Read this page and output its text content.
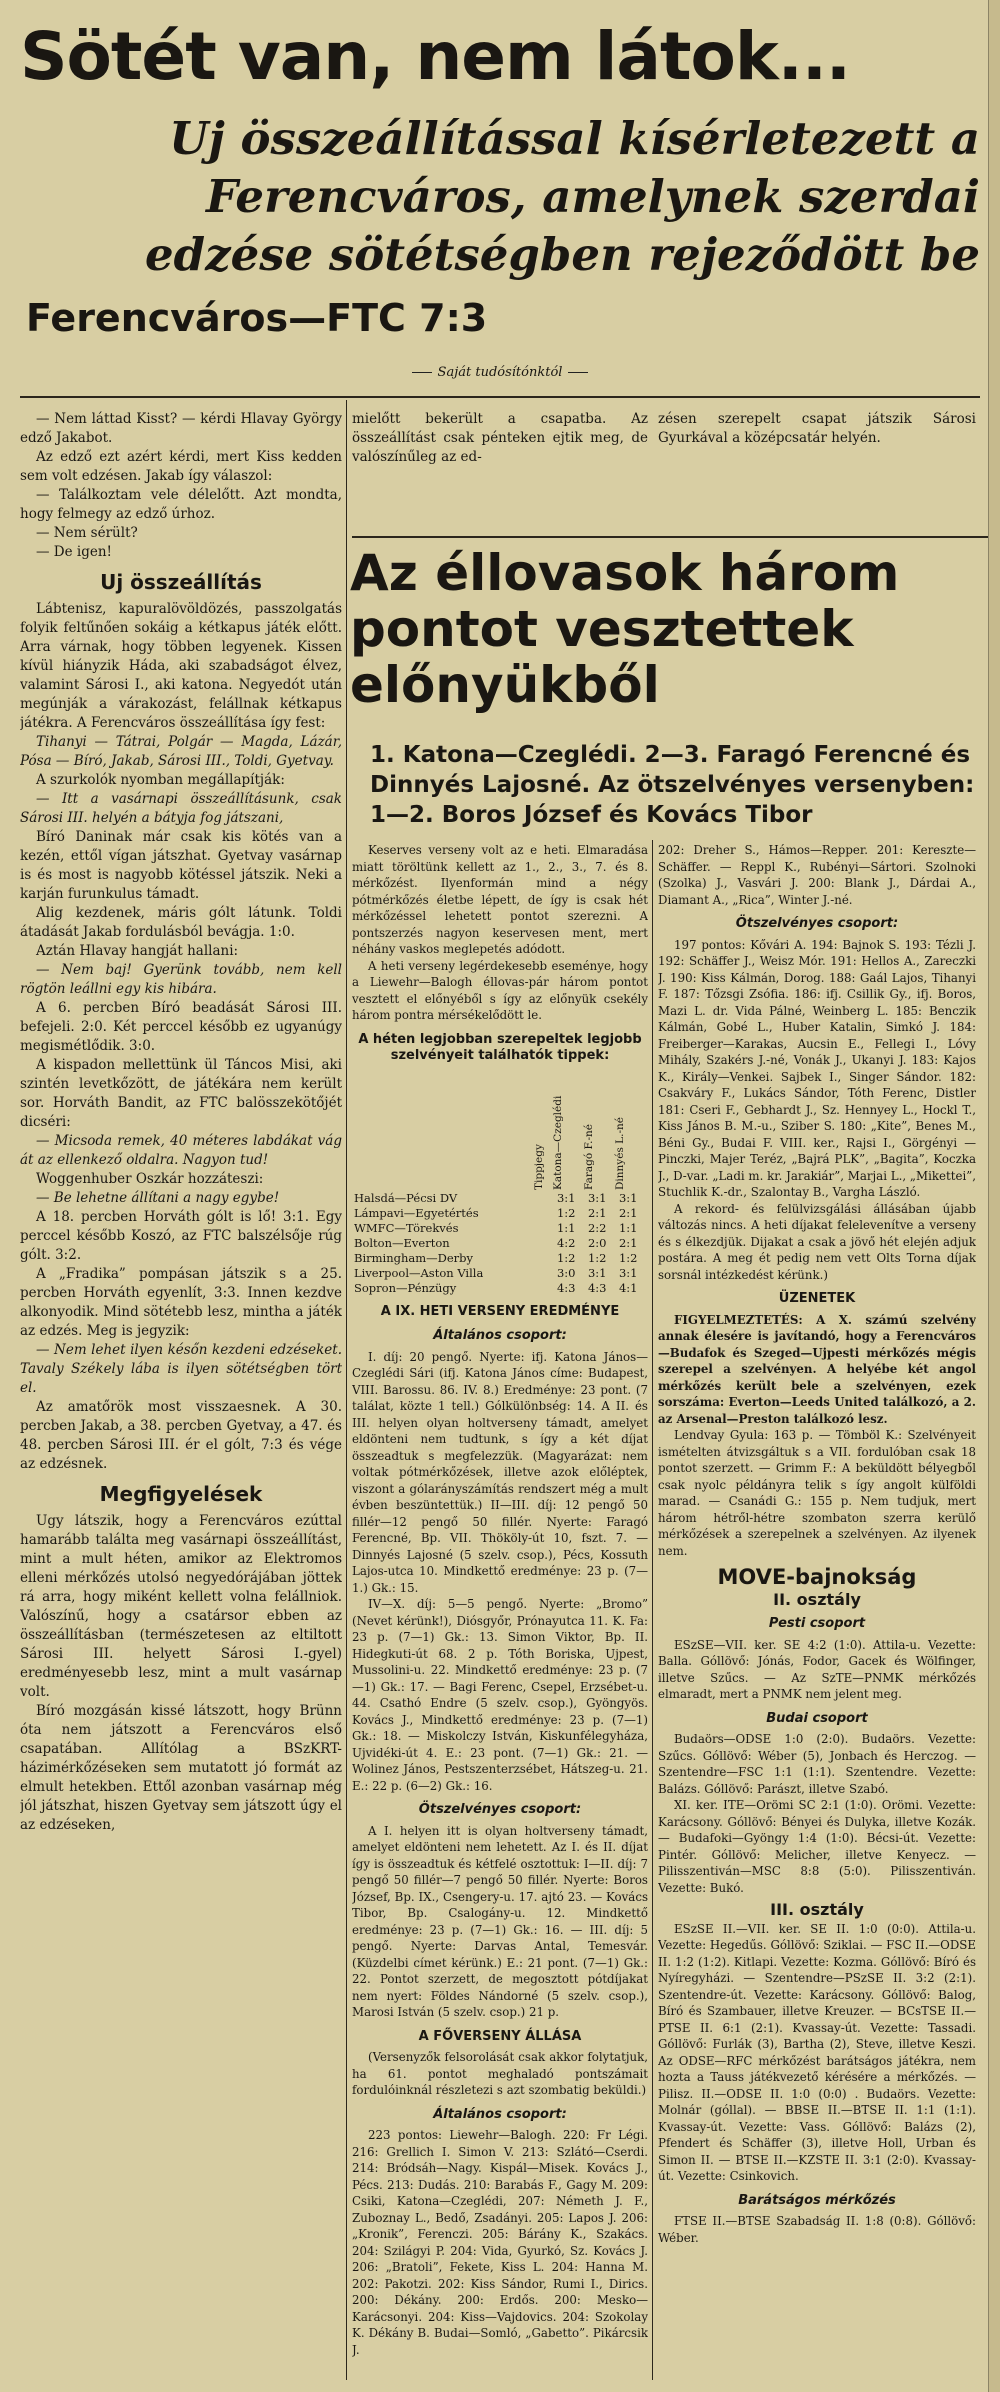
Sötét van, nem látok...
Uj összeállítással kísérletezett a Ferencváros, amelynek szerdai edzése sötétségben rejeződött be
Ferencváros—FTC 7:3
Saját tudósítónktól

— Nem láttad Kisst? — kérdi Hlavay György edző Jakabot.

Az edző ezt azért kérdi, mert Kiss kedden sem volt edzésen. Jakab így válaszol:

— Találkoztam vele délelőtt. Azt mondta, hogy felmegy az edző úrhoz.

— Nem sérült?

— De igen!

Uj összeállítás

Lábtenisz, kapuralövöldözés, passzolgatás folyik feltűnően sokáig a kétkapus játék előtt. Arra várnak, hogy többen legyenek. Kissen kívül hiányzik Háda, aki szabadságot élvez, valamint Sárosi I., aki katona. Negyedót után megúnják a várakozást, felállnak kétkapus játékra. A Ferencváros összeállítása így fest:

Tihanyi — Tátrai, Polgár — Magda, Lázár, Pósa — Bíró, Jakab, Sárosi III., Toldi, Gyetvay.

A szurkolók nyomban megállapítják:

— Itt a vasárnapi összeállításunk, csak Sárosi III. helyén a bátyja fog játszani,

Bíró Daninak már csak kis kötés van a kezén, ettől vígan játszhat. Gyetvay vasárnap is és most is nagyobb kötéssel játszik. Neki a karján furunkulus támadt.

Alig kezdenek, máris gólt látunk. Toldi átadását Jakab fordulásból bevágja. 1:0.

Aztán Hlavay hangját hallani:

— Nem baj! Gyerünk tovább, nem kell rögtön leállni egy kis hibára.

A 6. percben Bíró beadását Sárosi III. befejeli. 2:0. Két perccel később ez ugyanúgy megismétlődik. 3:0.

A kispadon mellettünk ül Táncos Misi, aki szintén levetkőzött, de játékára nem került sor. Horváth Bandit, az FTC balösszekötőjét dicséri:

— Micsoda remek, 40 méteres labdákat vág át az ellenkező oldalra. Nagyon tud!

Woggenhuber Oszkár hozzáteszi:

— Be lehetne állítani a nagy egybe!

A 18. percben Horváth gólt is lő! 3:1. Egy perccel később Koszó, az FTC balszélsője rúg gólt. 3:2.

A „Fradika” pompásan játszik s a 25. percben Horváth egyenlít, 3:3. Innen kezdve alkonyodik. Mind sötétebb lesz, mintha a játék az edzés. Meg is jegyzik:

— Nem lehet ilyen későn kezdeni edzéseket. Tavaly Székely lába is ilyen sötétségben tört el.

Az amatőrök most visszaesnek. A 30. percben Jakab, a 38. percben Gyetvay, a 47. és 48. percben Sárosi III. ér el gólt, 7:3 és vége az edzésnek.

Megfigyelések

Ugy látszik, hogy a Ferencváros ezúttal hamarább találta meg vasárnapi összeállítást, mint a mult héten, amikor az Elektromos elleni mérkőzés utolsó negyedórájában jöttek rá arra, hogy miként kellett volna felállniok. Valószínű, hogy a csatársor ebben az összeállításban (természetesen az eltiltott Sárosi III. helyett Sárosi I.-gyel) eredményesebb lesz, mint a mult vasárnap volt.

Bíró mozgásán kissé látszott, hogy Brünn óta nem játszott a Ferencváros első csapatában. Allítólag a BSzKRT-házimérkőzéseken sem mutatott jó formát az elmult hetekben. Ettől azonban vasárnap még jól játszhat, hiszen Gyetvay sem játszott úgy el az edzéseken,

mielőtt bekerült a csapatba. Az összeállítást csak pénteken ejtik meg, de valószínűleg az ed-

zésen szerepelt csapat játszik Sárosi Gyurkával a középcsatár helyén.

Az éllovasok három pontot vesztettek előnyükből
1. Katona—Czeglédi. 2—3. Faragó Ferencné és Dinnyés Lajosné. Az ötszelvényes versenyben: 1—2. Boros József és Kovács Tibor

Keserves verseny volt az e heti. Elmaradása miatt töröltünk kellett az 1., 2., 3., 7. és 8. mérkőzést. Ilyenformán mind a négy pótmérkőzés életbe lépett, de így is csak hét mérkőzéssel lehetett pontot szerezni. A pontszerzés nagyon keservesen ment, mert néhány vaskos meglepetés adódott.

A heti verseny legérdekesebb eseménye, hogy a Liewehr—Balogh éllovas-pár három pontot vesztett el előnyéből s így az előnyük csekély három pontra mérsékelődött le.

A héten legjobban szerepeltek legjobb szelvényeit találhatók tippek:
	Tippjegy	Katona—Czeglédi	Faragó F.-né	Dinnyés L.-né
Halsdá—Pécsi DV		3:1	3:1	3:1
Lámpavi—Egyetértés		1:2	2:1	2:1
WMFC—Törekvés		1:1	2:2	1:1
Bolton—Everton		4:2	2:0	2:1
Birmingham—Derby		1:2	1:2	1:2
Liverpool—Aston Villa		3:0	3:1	3:1
Sopron—Pénzügy		4:3	4:3	4:1
A IX. HETI VERSENY EREDMÉNYE
Általános csoport:

I. díj: 20 pengő. Nyerte: ifj. Katona János—Czeglédi Sári (ifj. Katona János címe: Budapest, VIII. Barossu. 86. IV. 8.) Eredménye: 23 pont. (7 találat, közte 1 tell.) Gólkülönbség: 14. A II. és III. helyen olyan holtverseny támadt, amelyet eldönteni nem tudtunk, s így a két díjat összeadtuk s megfelezzük. (Magyarázat: nem voltak pótmérkőzések, illetve azok előléptek, viszont a gólarányszámítás rendszert még a mult évben beszüntettük.) II—III. díj: 12 pengő 50 fillér—12 pengő 50 fillér. Nyerte: Faragó Ferencné, Bp. VII. Thököly-út 10, fszt. 7. — Dinnyés Lajosné (5 szelv. csop.), Pécs, Kossuth Lajos-utca 10. Mindkettő eredménye: 23 p. (7—1.) Gk.: 15.

IV—X. díj: 5—5 pengő. Nyerte: „Bromo” (Nevet kérünk!), Diósgyőr, Prónayutca 11. K. Fa: 23 p. (7—1) Gk.: 13. Simon Viktor, Bp. II. Hidegkuti-út 68. 2 p. Tóth Boriska, Ujpest, Mussolini-u. 22. Mindkettő eredménye: 23 p. (7—1) Gk.: 17. — Bagi Ferenc, Csepel, Erzsébet-u. 44. Csathó Endre (5 szelv. csop.), Gyöngyös. Kovács J., Mindkettő eredménye: 23 p. (7—1) Gk.: 18. — Miskolczy István, Kiskunfélegyháza, Ujvidéki-út 4. E.: 23 pont. (7—1) Gk.: 21. — Wolinez János, Pestszenterzsébet, Hátszeg-u. 21. E.: 22 p. (6—2) Gk.: 16.

Ötszelvényes csoport:

A I. helyen itt is olyan holtverseny támadt, amelyet eldönteni nem lehetett. Az I. és II. díjat így is összeadtuk és kétfelé osztottuk: I—II. díj: 7 pengő 50 fillér—7 pengő 50 fillér. Nyerte: Boros József, Bp. IX., Csengery-u. 17. ajtó 23. — Kovács Tibor, Bp. Csalogány-u. 12. Mindkettő eredménye: 23 p. (7—1) Gk.: 16. — III. díj: 5 pengő. Nyerte: Darvas Antal, Temesvár. (Küzdelbi címet kérünk.) E.: 21 pont. (7—1) Gk.: 22. Pontot szerzett, de megosztott pótdíjakat nem nyert: Földes Nándorné (5 szelv. csop.), Marosi István (5 szelv. csop.) 21 p.

A FŐVERSENY ÁLLÁSA

(Versenyzők felsorolását csak akkor folytatjuk, ha 61. pontot meghaladó pontszámait fordulóinknál részletezi s azt szombatig beküldi.)

Általános csoport:

223 pontos: Liewehr—Balogh. 220: Fr Légi. 216: Grellich I. Simon V. 213: Szlátó—Cserdi. 214: Bródsáh—Nagy. Kispál—Misek. Kovács J., Pécs. 213: Dudás. 210: Barabás F., Gagy M. 209: Csiki, Katona—Czeglédi, 207: Németh J. F., Zuboznay L., Bedő, Zsadányi. 205: Lapos J. 206: „Kronik”, Ferenczi. 205: Bárány K., Szakács. 204: Szilágyi P. 204: Vida, Gyurkó, Sz. Kovács J. 206: „Bratoli”, Fekete, Kiss L. 204: Hanna M. 202: Pakotzi. 202: Kiss Sándor, Rumi I., Dirics. 200: Dékány. 200: Erdős. 200: Mesko—Karácsonyi. 204: Kiss—Vajdovics. 204: Szokolay K. Dékány B. Budai—Somló, „Gabetto”. Pikárcsik J.

202: Dreher S., Hámos—Repper. 201: Kereszte—Schäffer. — Reppl K., Rubényi—Sártori. Szolnoki (Szolka) J., Vasvári J. 200: Blank J., Dárdai A., Diamant A., „Rica”, Winter J.-né.

Ötszelvényes csoport:

197 pontos: Kővári A. 194: Bajnok S. 193: Tézli J. 192: Schäffer J., Weisz Mór. 191: Hellos A., Zareczki J. 190: Kiss Kálmán, Dorog. 188: Gaál Lajos, Tihanyi F. 187: Tőzsgi Zsófia. 186: ifj. Csillik Gy., ifj. Boros, Mazi L. dr. Vida Pálné, Weinberg L. 185: Benczik Kálmán, Gobé L., Huber Katalin, Simkó J. 184: Freiberger—Karakas, Aucsin E., Fellegi I., Lóvy Mihály, Szakérs J.-né, Vonák J., Ukanyi J. 183: Kajos K., Király—Venkei. Sajbek I., Singer Sándor. 182: Csakváry F., Lukács Sándor, Tóth Ferenc, Distler 181: Cseri F., Gebhardt J., Sz. Hennyey L., Hockl T., Kiss János B. M.-u., Sziber S. 180: „Kite”, Benes M., Béni Gy., Budai F. VIII. ker., Rajsi I., Görgényi — Pinczki, Majer Teréz, „Bajrá PLK”, „Bagita”, Koczka J., D-var. „Ladi m. kr. Jarakiár”, Marjai L., „Mikettei”, Stuchlik K.-dr., Szalontay B., Vargha László.

A rekord- és felülvizsgálási állásában újabb változás nincs. A heti díjakat felelevenítve a verseny és s élkezdjük. Dijakat a csak a jövő hét elején adjuk postára. A meg ét pedig nem vett Olts Torna díjak sorsnál intézkedést kérünk.)

ÜZENETEK

FIGYELMEZTETÉS: A X. számú szelvény annak élesére is javítandó, hogy a Ferencváros—Budafok és Szeged—Ujpesti mérkőzés mégis szerepel a szelvényen. A helyébe két angol mérkőzés került bele a szelvényen, ezek sorszáma: Everton—Leeds United találkozó, a 2. az Arsenal—Preston találkozó lesz.

Lendvay Gyula: 163 p. — Tömböl K.: Szelvényeit ismételten átvizsgáltuk s a VII. fordulóban csak 18 pontot szerzett. — Grimm F.: A beküldött bélyegből csak nyolc példányra telik s így angolt külföldi marad. — Csanádi G.: 155 p. Nem tudjuk, mert három hétről-hétre szombaton szerra kerülő mérkőzések a szerepelnek a szelvényen. Az ilyenek nem.

MOVE-bajnokság
II. osztály
Pesti csoport

ESzSE—VII. ker. SE 4:2 (1:0). Attila-u. Vezette: Balla. Góllövő: Jónás, Fodor, Gacek és Wölfinger, illetve Szűcs. — Az SzTE—PNMK mérkőzés elmaradt, mert a PNMK nem jelent meg.

Budai csoport

Budaörs—ODSE 1:0 (2:0). Budaörs. Vezette: Szűcs. Góllövő: Wéber (5), Jonbach és Herczog. — Szentendre—FSC 1:1 (1:1). Szentendre. Vezette: Balázs. Góllövő: Parászt, illetve Szabó.

XI. ker. ITE—Orömi SC 2:1 (1:0). Orömi. Vezette: Karácsony. Góllövő: Bényei és Dulyka, illetve Kozák. — Budafoki—Gyöngy 1:4 (1:0). Bécsi-út. Vezette: Pintér. Góllövő: Melicher, illetve Kenyecz. — Pilisszentiván—MSC 8:8 (5:0). Pilisszentiván. Vezette: Bukó.

III. osztály

ESzSE II.—VII. ker. SE II. 1:0 (0:0). Attila-u. Vezette: Hegedűs. Góllövő: Sziklai. — FSC II.—ODSE II. 1:2 (1:2). Kitlapi. Vezette: Kozma. Góllövő: Bíró és Nyíregyházi. — Szentendre—PSzSE II. 3:2 (2:1). Szentendre-út. Vezette: Karácsony. Góllövő: Balog, Bíró és Szambauer, illetve Kreuzer. — BCsTSE II.—PTSE II. 6:1 (2:1). Kvassay-út. Vezette: Tassadi. Góllövő: Furlák (3), Bartha (2), Steve, illetve Keszi. Az ODSE—RFC mérkőzést barátságos játékra, nem hozta a Tauss játékvezető kérésére a mérkőzés. — Pilisz. II.—ODSE II. 1:0 (0:0) . Budaörs. Vezette: Molnár (góllal). — BBSE II.—BTSE II. 1:1 (1:1). Kvassay-út. Vezette: Vass. Góllövő: Balázs (2), Pfendert és Schäffer (3), illetve Holl, Urban és Simon II. — BTSE II.—KZSTE II. 3:1 (2:0). Kvassay-út. Vezette: Csinkovich.

Barátságos mérkőzés

FTSE II.—BTSE Szabadság II. 1:8 (0:8). Góllövő: Wéber.
